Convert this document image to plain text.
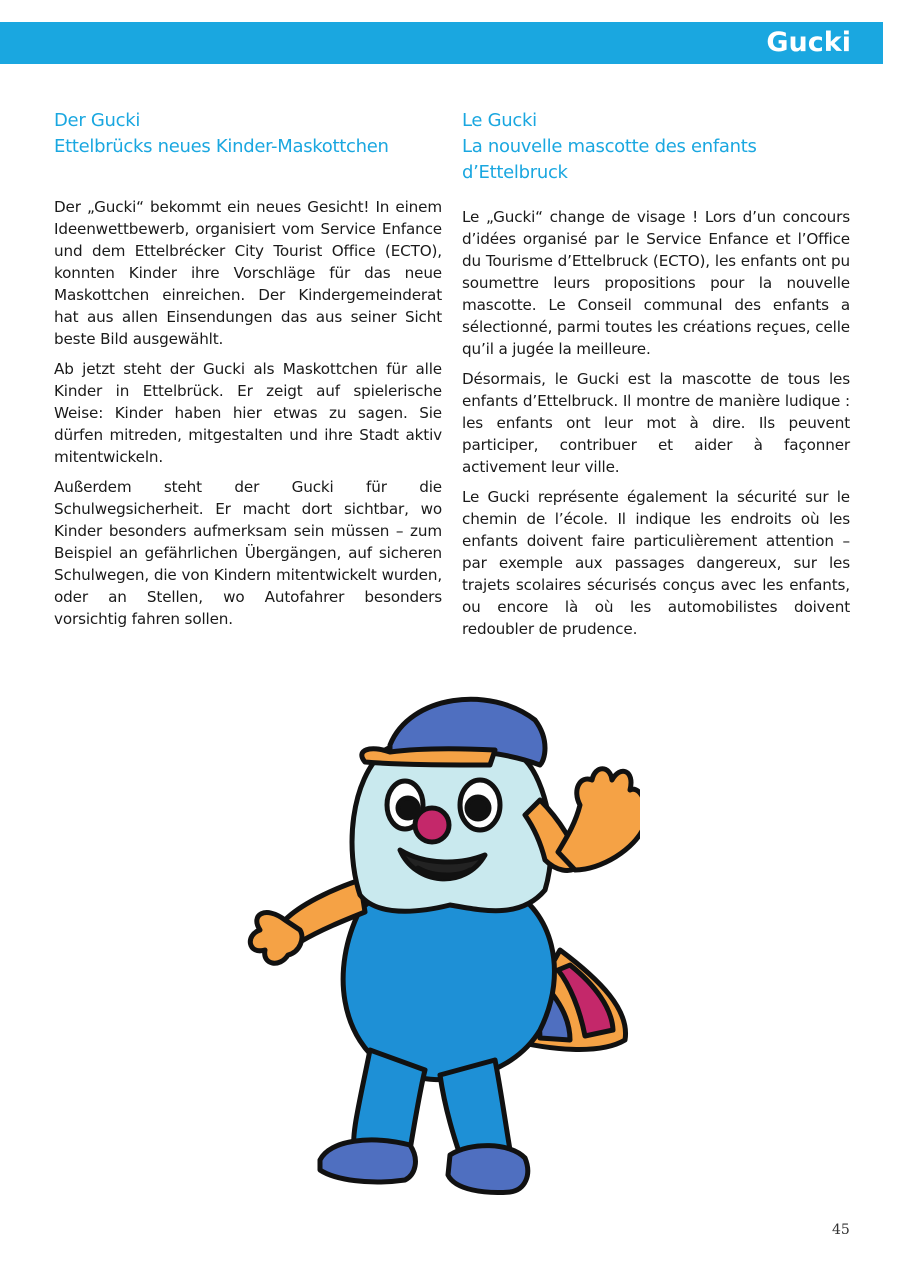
Gucki
Der Gucki
Ettelbrücks neues Kinder-Maskottchen

Der „Gucki“ bekommt ein neues Gesicht! In einem Ideenwettbewerb, organisiert vom Service Enfance und dem Ettelbrécker City Tourist Office (ECTO), konnten Kinder ihre Vorschläge für das neue Maskottchen einreichen. Der Kindergemeinderat hat aus allen Einsendungen das aus seiner Sicht beste Bild ausgewählt.

Ab jetzt steht der Gucki als Maskottchen für alle Kinder in Ettelbrück. Er zeigt auf spielerische Weise: Kinder haben hier etwas zu sagen. Sie dürfen mitreden, mitgestalten und ihre Stadt aktiv mitentwickeln.

Außerdem steht der Gucki für die Schulwegsicherheit. Er macht dort sichtbar, wo Kinder besonders aufmerksam sein müssen – zum Beispiel an gefährlichen Übergängen, auf sicheren Schulwegen, die von Kindern mitentwickelt wurden, oder an Stellen, wo Autofahrer besonders vorsichtig fahren sollen.

Le Gucki
La nouvelle mascotte des enfants d’Ettelbruck

Le „Gucki“ change de visage ! Lors d’un concours d’idées organisé par le Service Enfance et l’Office du Tourisme d’Ettelbruck (ECTO), les enfants ont pu soumettre leurs propositions pour la nouvelle mascotte. Le Conseil communal des enfants a sélectionné, parmi toutes les créations reçues, celle qu’il a jugée la meilleure.

Désormais, le Gucki est la mascotte de tous les enfants d’Ettelbruck. Il montre de manière ludique : les enfants ont leur mot à dire. Ils peuvent participer, contribuer et aider à façonner activement leur ville.

Le Gucki représente également la sécurité sur le chemin de l’école. Il indique les endroits où les enfants doivent faire particulièrement attention – par exemple aux passages dangereux, sur les trajets scolaires sécurisés conçus avec les enfants, ou encore là où les automobilistes doivent redoubler de prudence.

45
